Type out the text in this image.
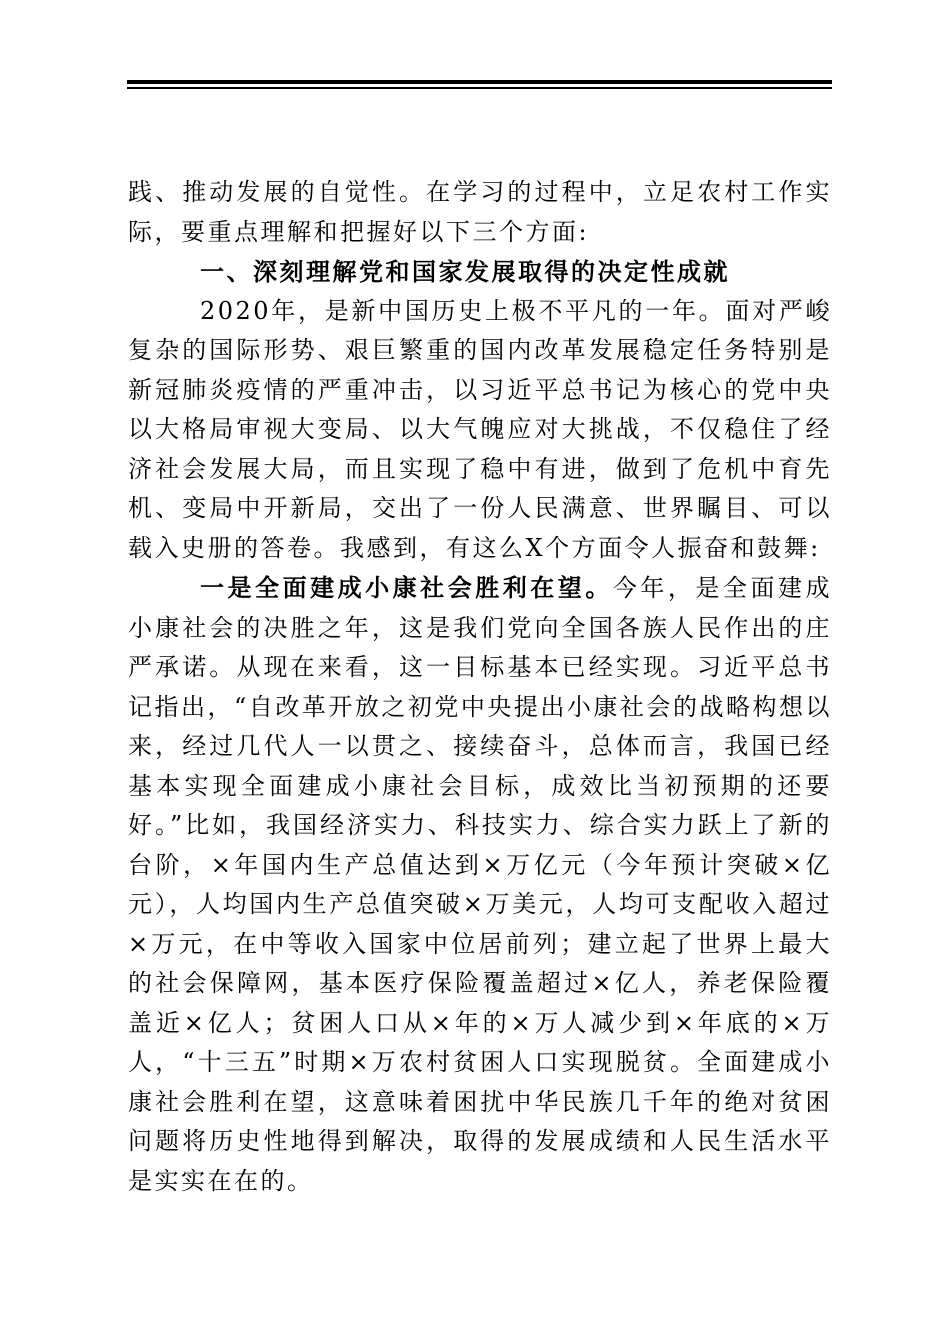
践、推动发展的自觉性。在学习的过程中，立足农村工作实际，要重点理解和把握好以下三个方面:

一、深刻理解党和国家发展取得的决定性成就

2020年，是新中国历史上极不平凡的一年。面对严峻复杂的国际形势、艰巨繁重的国内改革发展稳定任务特别是新冠肺炎疫情的严重冲击，以习近平总书记为核心的党中央以大格局审视大变局、以大气魄应对大挑战，不仅稳住了经济社会发展大局，而且实现了稳中有进，做到了危机中育先机、变局中开新局，交出了一份人民满意、世界瞩目、可以载入史册的答卷。我感到，有这么X个方面令人振奋和鼓舞:

一是全面建成小康社会胜利在望。今年，是全面建成小康社会的决胜之年，这是我们党向全国各族人民作出的庄严承诺。从现在来看，这一目标基本已经实现。习近平总书记指出，“自改革开放之初党中央提出小康社会的战略构想以来，经过几代人一以贯之、接续奋斗，总体而言，我国已经基本实现全面建成小康社会目标，成效比当初预期的还要好。”比如，我国经济实力、科技实力、综合实力跃上了新的台阶，×年国内生产总值达到×万亿元（今年预计突破×亿元），人均国内生产总值突破×万美元，人均可支配收入超过×万元，在中等收入国家中位居前列；建立起了世界上最大的社会保障网，基本医疗保险覆盖超过×亿人，养老保险覆盖近×亿人；贫困人口从×年的×万人减少到×年底的×万人，“十三五”时期×万农村贫困人口实现脱贫。全面建成小康社会胜利在望，这意味着困扰中华民族几千年的绝对贫困问题将历史性地得到解决，取得的发展成绩和人民生活水平是实实在在的。
